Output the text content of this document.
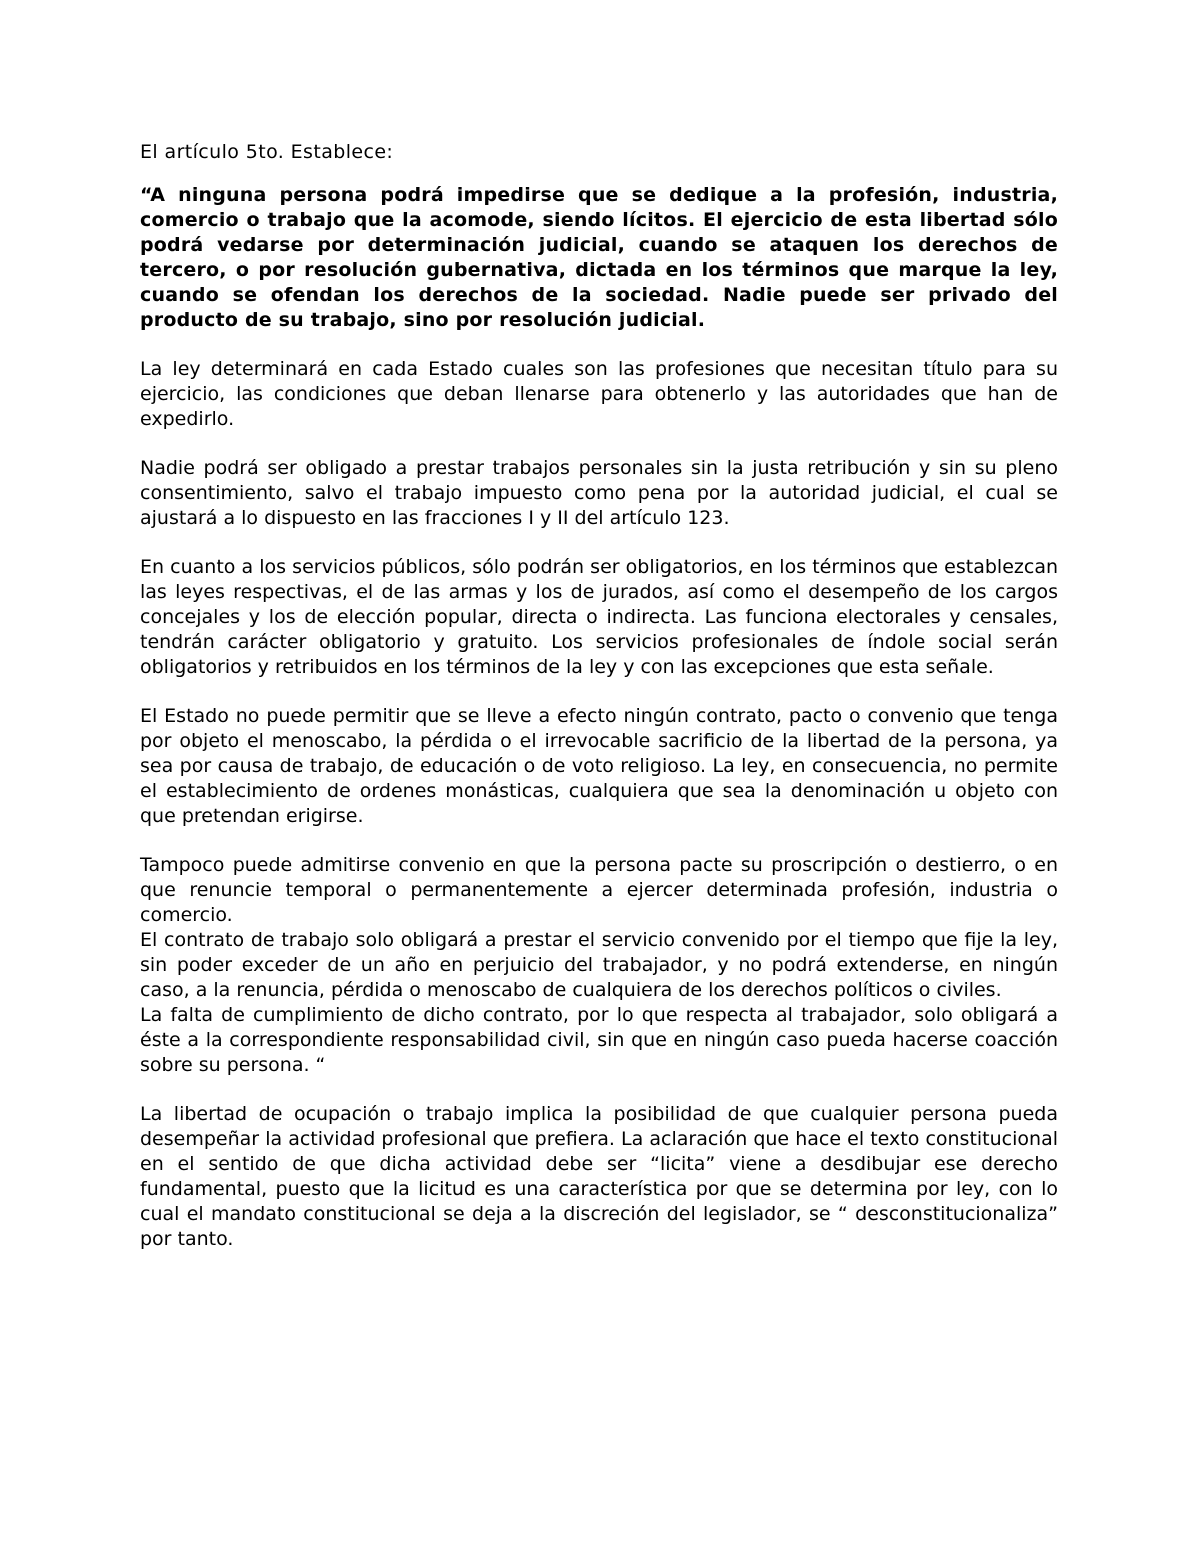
El artículo 5to. Establece:
“A ninguna persona podrá impedirse que se dedique a la profesión, industria, comercio o trabajo que la acomode, siendo lícitos. El ejercicio de esta libertad sólo podrá vedarse por determinación judicial, cuando se ataquen los derechos de tercero, o por resolución gubernativa, dictada en los términos que marque la ley, cuando se ofendan los derechos de la sociedad. Nadie puede ser privado del producto de su trabajo, sino por resolución judicial.
La ley determinará en cada Estado cuales son las profesiones que necesitan título para su ejercicio, las condiciones que deban llenarse para obtenerlo y las autoridades que han de expedirlo.
Nadie podrá ser obligado a prestar trabajos personales sin la justa retribución y sin su pleno consentimiento, salvo el trabajo impuesto como pena por la autoridad judicial, el cual se ajustará a lo dispuesto en las fracciones I y II del artículo 123.
En cuanto a los servicios públicos, sólo podrán ser obligatorios, en los términos que establezcan las leyes respectivas, el de las armas y los de jurados, así como el desempeño de los cargos concejales y los de elección popular, directa o indirecta. Las funciona electorales y censales, tendrán carácter obligatorio y gratuito. Los servicios profesionales de índole social serán obligatorios y retribuidos en los términos de la ley y con las excepciones que esta señale.
El Estado no puede permitir que se lleve a efecto ningún contrato, pacto o convenio que tenga por objeto el menoscabo, la pérdida o el irrevocable sacrificio de la libertad de la persona, ya sea por causa de trabajo, de educación o de voto religioso. La ley, en consecuencia, no permite el establecimiento de ordenes monásticas, cualquiera que sea la denominación u objeto con que pretendan erigirse.
Tampoco puede admitirse convenio en que la persona pacte su proscripción o destierro, o en que renuncie temporal o permanentemente a ejercer determinada profesión, industria o comercio.
El contrato de trabajo solo obligará a prestar el servicio convenido por el tiempo que fije la ley, sin poder exceder de un año en perjuicio del trabajador, y no podrá extenderse, en ningún caso, a la renuncia, pérdida o menoscabo de cualquiera de los derechos políticos o civiles.
La falta de cumplimiento de dicho contrato, por lo que respecta al trabajador, solo obligará a éste a la correspondiente responsabilidad civil, sin que en ningún caso pueda hacerse coacción sobre su persona. “
La libertad de ocupación o trabajo implica la posibilidad de que cualquier persona pueda desempeñar la actividad profesional que prefiera. La aclaración que hace el texto constitucional en el sentido de que dicha actividad debe ser “licita” viene a desdibujar ese derecho fundamental, puesto que la licitud es una característica por que se determina por ley, con lo cual el mandato constitucional se deja a la discreción del legislador, se “ desconstitucionaliza” por tanto.
